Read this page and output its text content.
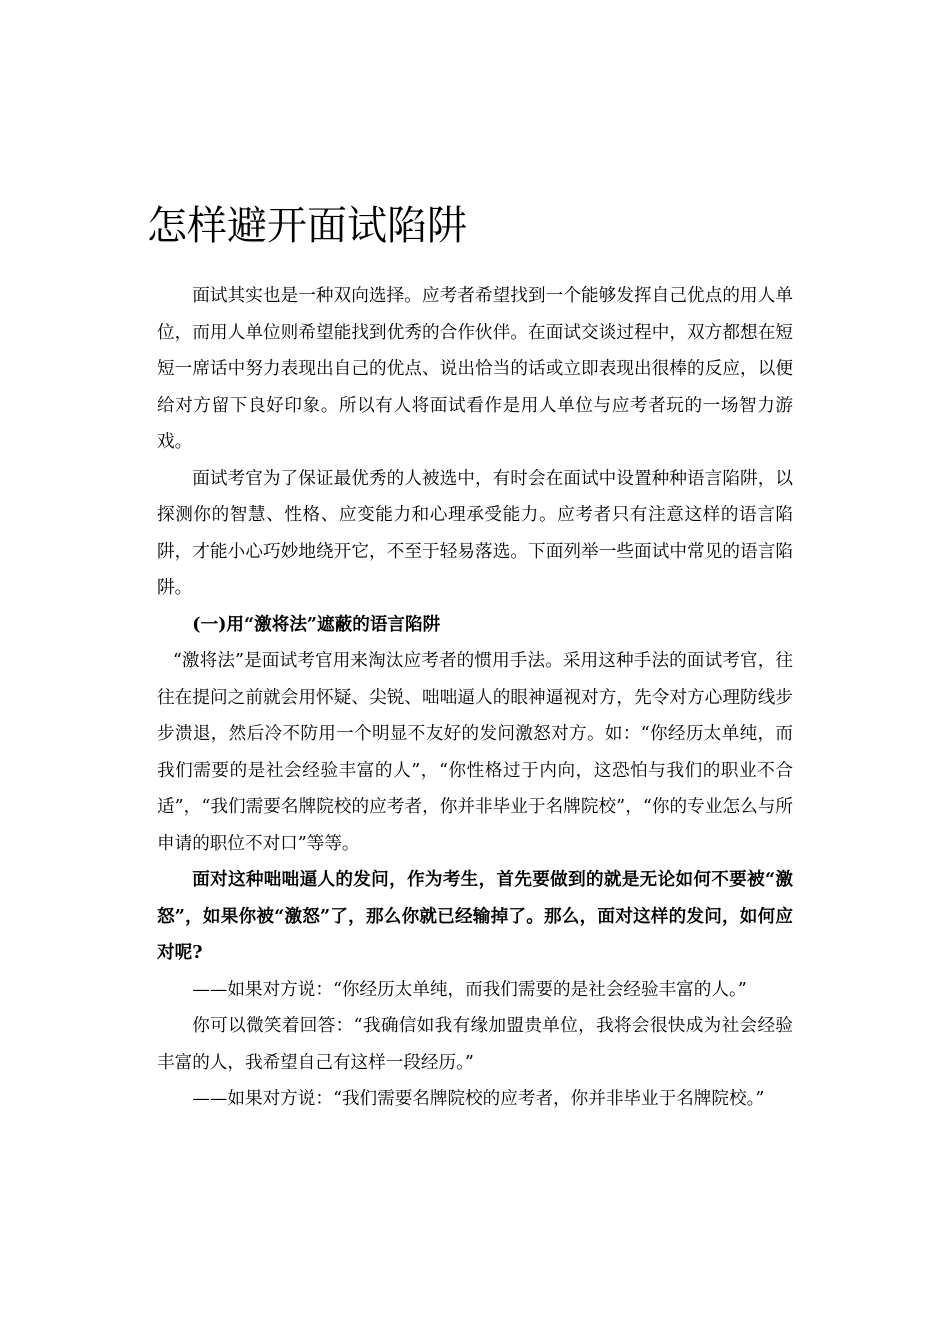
怎样避开面试陷阱

面试其实也是一种双向选择。应考者希望找到一个能够发挥自己优点的用人单位，而用人单位则希望能找到优秀的合作伙伴。在面试交谈过程中，双方都想在短短一席话中努力表现出自己的优点、说出恰当的话或立即表现出很棒的反应，以便给对方留下良好印象。所以有人将面试看作是用人单位与应考者玩的一场智力游戏。

面试考官为了保证最优秀的人被选中，有时会在面试中设置种种语言陷阱，以探测你的智慧、性格、应变能力和心理承受能力。应考者只有注意这样的语言陷阱，才能小心巧妙地绕开它，不至于轻易落选。下面列举一些面试中常见的语言陷阱。

(一)用“激将法”遮蔽的语言陷阱

“激将法”是面试考官用来淘汰应考者的惯用手法。采用这种手法的面试考官，往往在提问之前就会用怀疑、尖锐、咄咄逼人的眼神逼视对方，先令对方心理防线步步溃退，然后冷不防用一个明显不友好的发问激怒对方。如：“你经历太单纯，而我们需要的是社会经验丰富的人”，“你性格过于内向，这恐怕与我们的职业不合适”，“我们需要名牌院校的应考者，你并非毕业于名牌院校”，“你的专业怎么与所申请的职位不对口”等等。

面对这种咄咄逼人的发问，作为考生，首先要做到的就是无论如何不要被“激怒”，如果你被“激怒”了，那么你就已经输掉了。那么，面对这样的发问，如何应对呢?

——如果对方说：“你经历太单纯，而我们需要的是社会经验丰富的人。”

你可以微笑着回答：“我确信如我有缘加盟贵单位，我将会很快成为社会经验丰富的人，我希望自己有这样一段经历。”

——如果对方说：“我们需要名牌院校的应考者，你并非毕业于名牌院校。”
